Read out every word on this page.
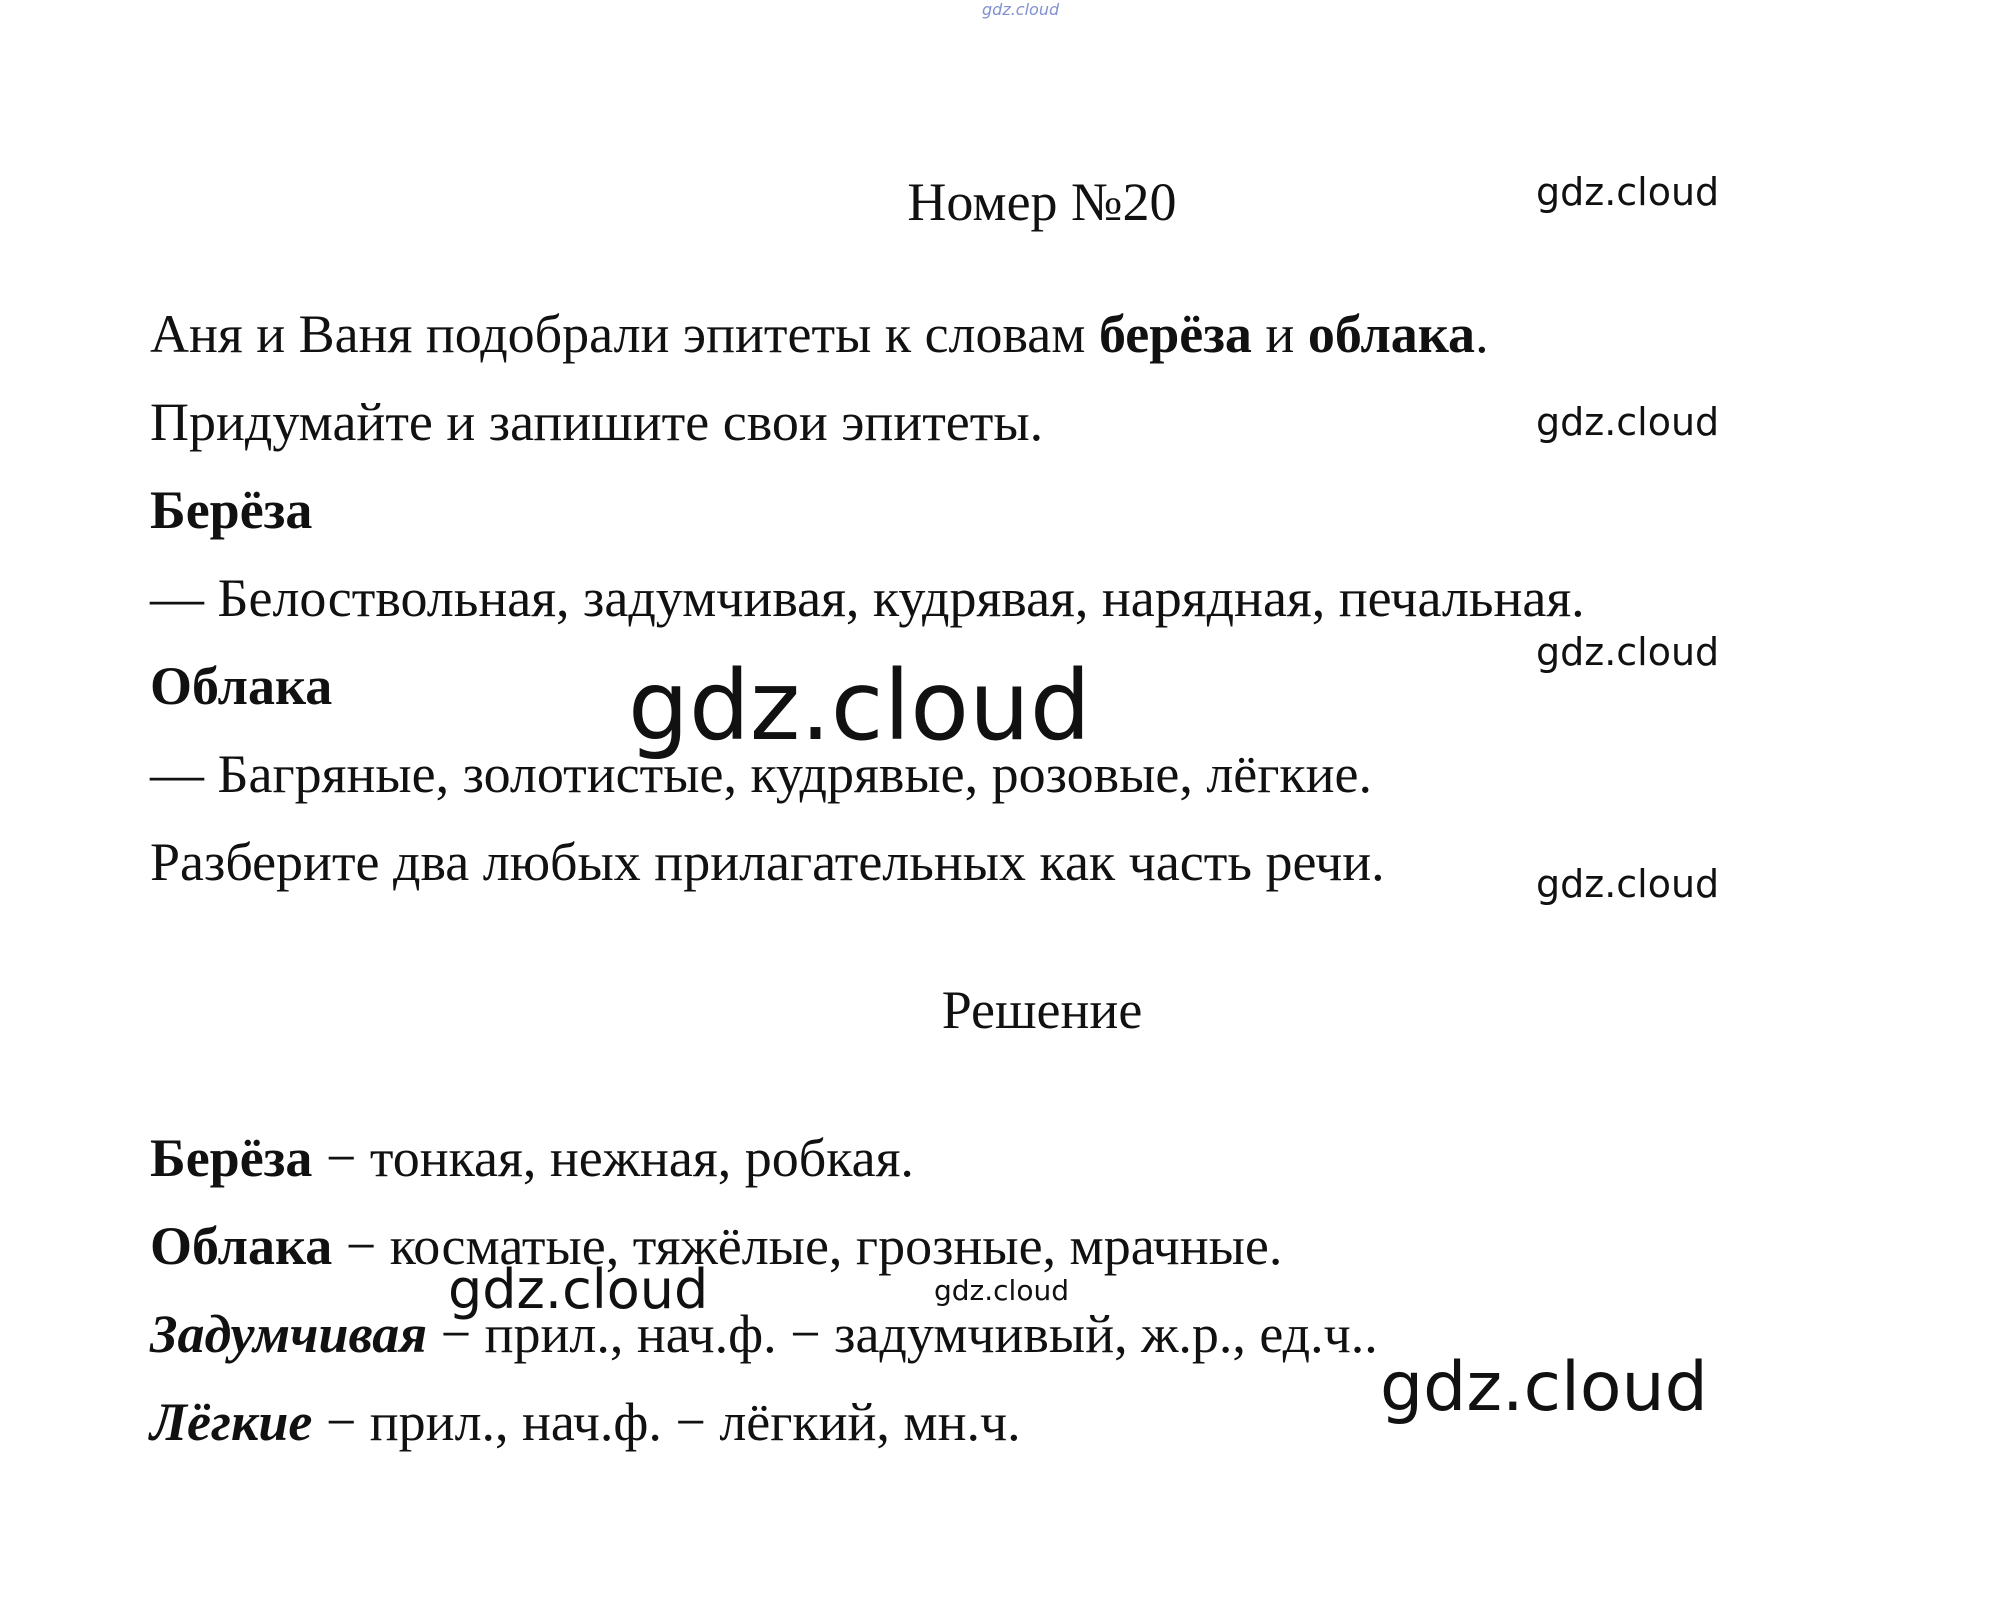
gdz.cloud
Номер №20
Аня и Ваня подобрали эпитеты к словам берёза и облака.
Придумайте и запишите свои эпитеты.
Берёза
— Белоствольная, задумчивая, кудрявая, нарядная, печальная.
Облака
— Багряные, золотистые, кудрявые, розовые, лёгкие.
Разберите два любых прилагательных как часть речи.
Решение
Берёза − тонкая, нежная, робкая.
Облака − косматые, тяжёлые, грозные, мрачные.
Задумчивая − прил., нач.ф. − задумчивый, ж.р., ед.ч..
Лёгкие − прил., нач.ф. − лёгкий, мн.ч.
gdz.cloud
gdz.cloud
gdz.cloud
gdz.cloud
gdz.cloud
gdz.cloud	gdz.cloud
gdz.cloud
